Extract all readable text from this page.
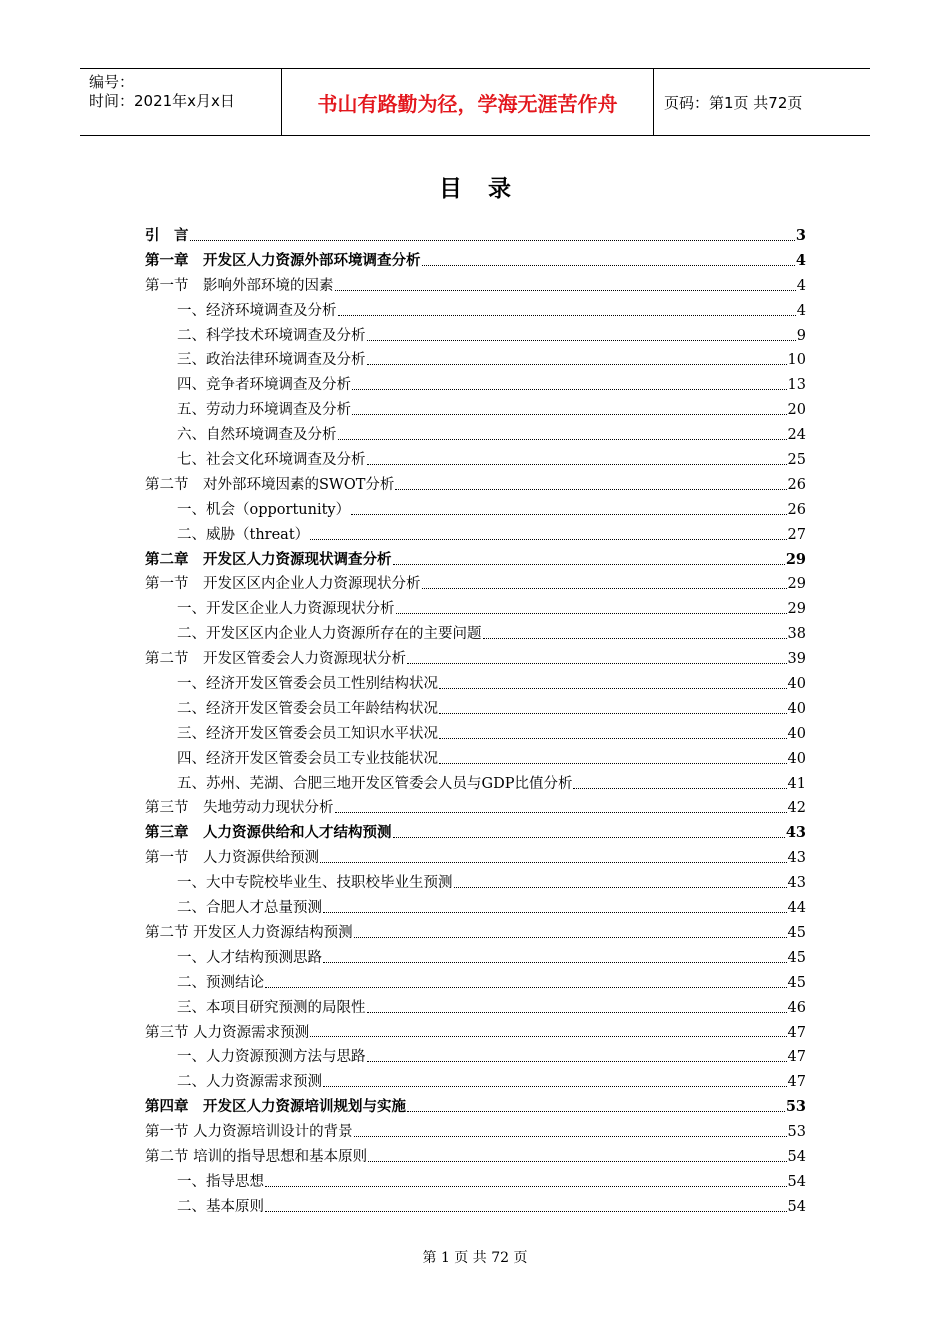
编号：
时间：2021年x月x日	书山有路勤为径，学海无涯苦作舟	页码：第1页 共72页
目录
引　言	3
第一章　开发区人力资源外部环境调查分析	4
第一节　影响外部环境的因素	4
一、经济环境调查及分析	4
二、科学技术环境调查及分析	9
三、政治法律环境调查及分析	10
四、竞争者环境调查及分析	13
五、劳动力环境调查及分析	20
六、自然环境调查及分析	24
七、社会文化环境调查及分析	25
第二节　对外部环境因素的SWOT分析	26
一、机会（opportunity）	26
二、威胁（threat）	27
第二章　开发区人力资源现状调查分析	29
第一节　开发区区内企业人力资源现状分析	29
一、开发区企业人力资源现状分析	29
二、开发区区内企业人力资源所存在的主要问题	38
第二节　开发区管委会人力资源现状分析	39
一、经济开发区管委会员工性别结构状况	40
二、经济开发区管委会员工年龄结构状况	40
三、经济开发区管委会员工知识水平状况	40
四、经济开发区管委会员工专业技能状况	40
五、苏州、芜湖、合肥三地开发区管委会人员与GDP比值分析	41
第三节　失地劳动力现状分析	42
第三章　人力资源供给和人才结构预测	43
第一节　人力资源供给预测	43
一、大中专院校毕业生、技职校毕业生预测	43
二、合肥人才总量预测	44
第二节 开发区人力资源结构预测	45
一、人才结构预测思路	45
二、预测结论	45
三、本项目研究预测的局限性	46
第三节 人力资源需求预测	47
一、人力资源预测方法与思路	47
二、人力资源需求预测	47
第四章　开发区人力资源培训规划与实施	53
第一节 人力资源培训设计的背景	53
第二节 培训的指导思想和基本原则	54
一、指导思想	54
二、基本原则	54
第 1 页 共 72 页
